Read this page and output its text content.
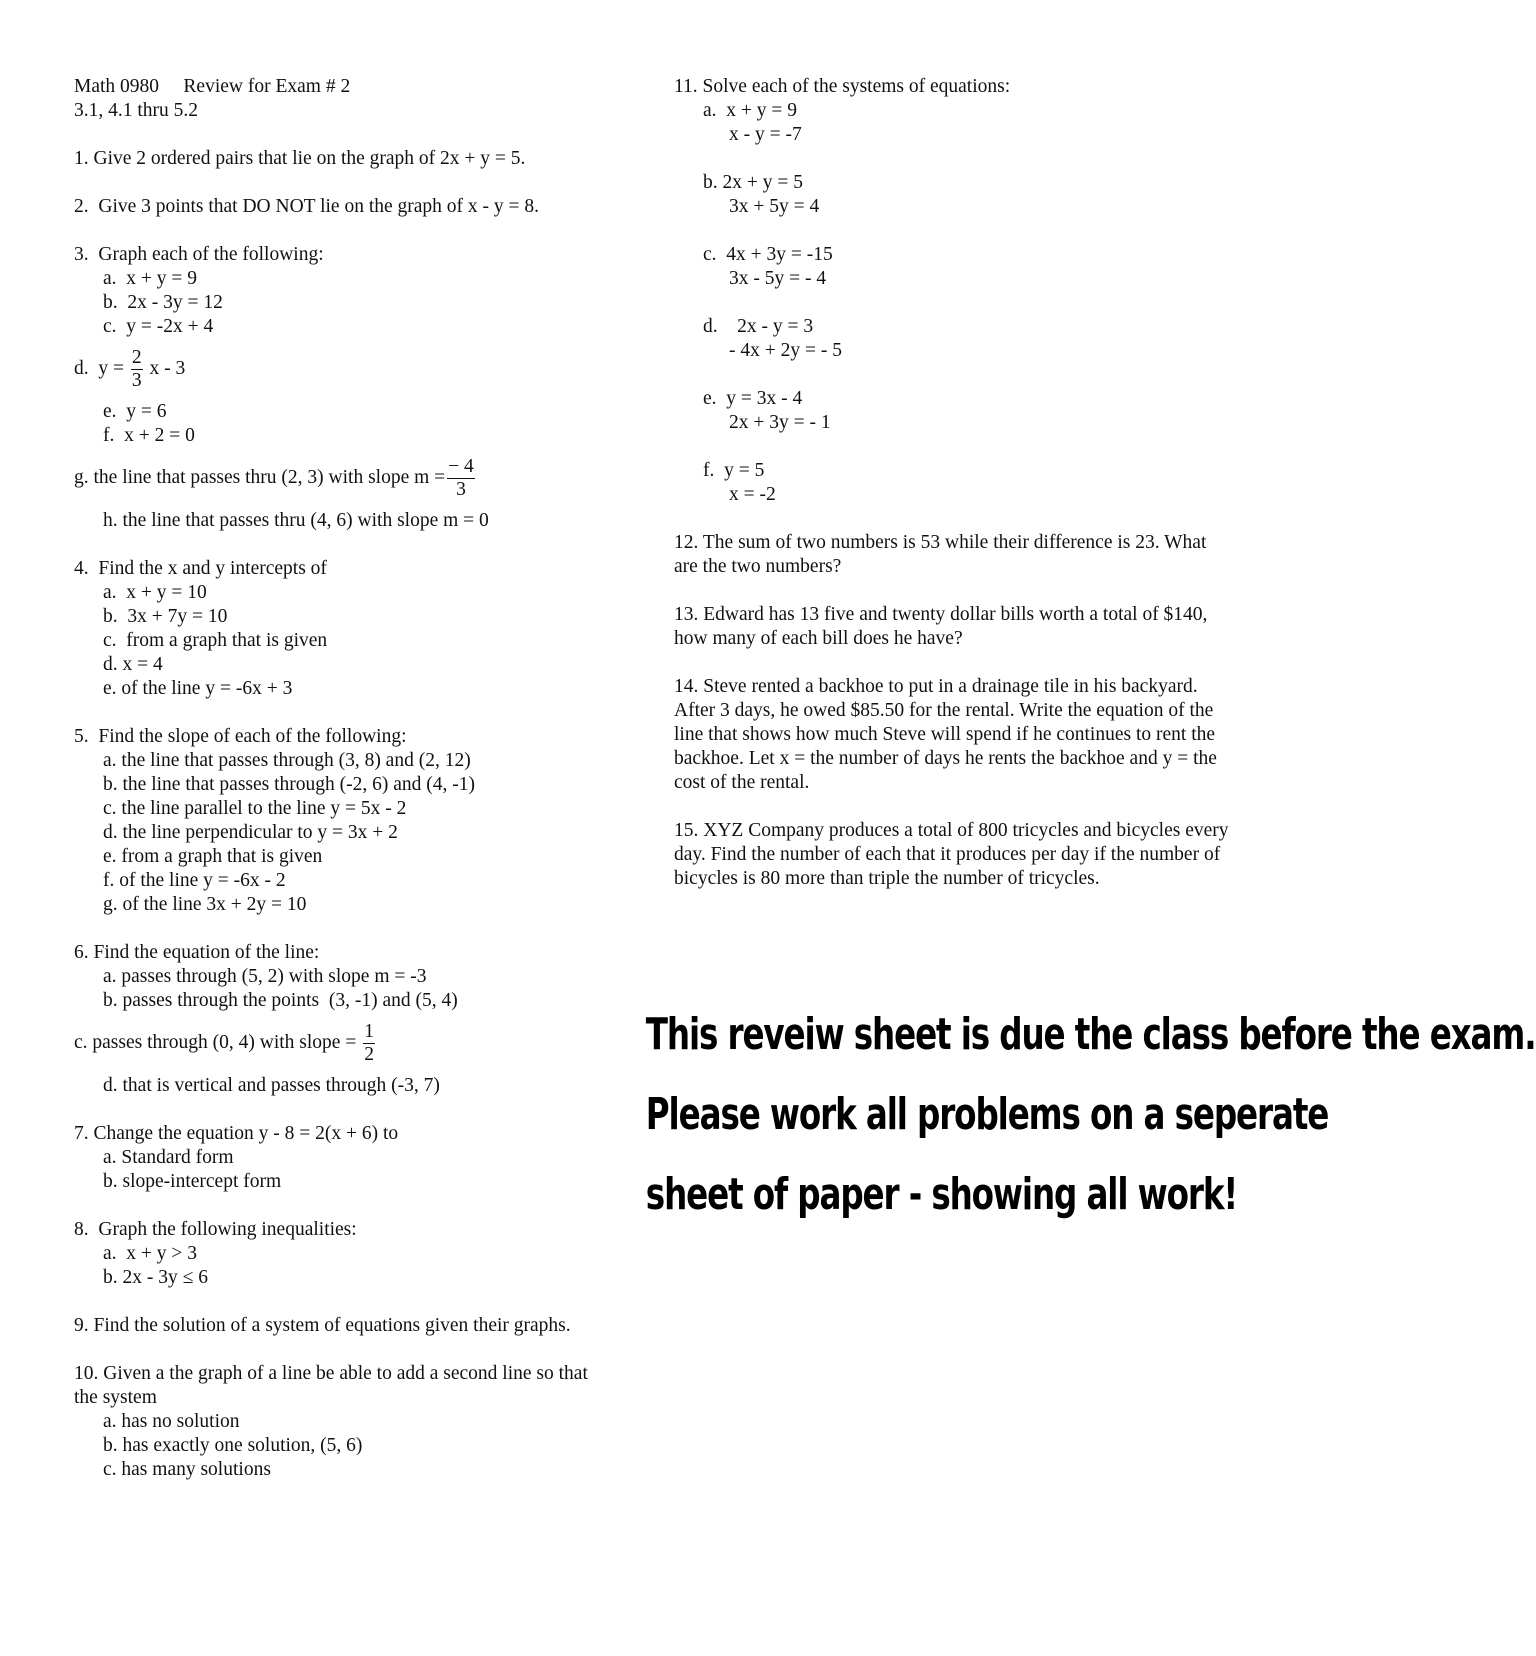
Math 0980     Review for Exam # 2
3.1, 4.1 thru 5.2
1. Give 2 ordered pairs that lie on the graph of 2x + y = 5.
2.  Give 3 points that DO NOT lie on the graph of x - y = 8.
3.  Graph each of the following:
a.  x + y = 9
b.  2x - 3y = 12
c.  y = -2x + 4
d.  $y = \frac{2}{3}$ x - 3
e.  y = 6
f.  x + 2 = 0
g. the line that passes thru (2, 3) with slope $m = \frac{- 4}{3}$
h. the line that passes thru (4, 6) with slope m = 0
4.  Find the x and y intercepts of
a.  x + y = 10
b.  3x + 7y = 10
c.  from a graph that is given
d. x = 4
e. of the line y = -6x + 3
5.  Find the slope of each of the following:
a. the line that passes through (3, 8) and (2, 12)
b. the line that passes through (-2, 6) and (4, -1)
c. the line parallel to the line y = 5x - 2
d. the line perpendicular to y = 3x + 2
e. from a graph that is given
f. of the line y = -6x - 2
g. of the line 3x + 2y = 10
6. Find the equation of the line:
a. passes through (5, 2) with slope m = -3
b. passes through the points  (3, -1) and (5, 4)
c. passes through (0, 4) with slope = $\frac{1}{2}$
d. that is vertical and passes through (-3, 7)
7. Change the equation y - 8 = 2(x + 6) to
a. Standard form
b. slope-intercept form
8.  Graph the following inequalities:
a.  x + y > 3
b. 2x - 3y ≤ 6
9. Find the solution of a system of equations given their graphs.
10. Given a the graph of a line be able to add a second line so that the system
a. has no solution
b. has exactly one solution, (5, 6)
c. has many solutions
11. Solve each of the systems of equations:
a.  x + y = 9
x - y = -7
b. 2x + y = 5
3x + 5y = 4
c.  4x + 3y = -15
3x - 5y = - 4
d.    2x - y = 3
- 4x + 2y = - 5
e.  y = 3x - 4
2x + 3y = - 1
f.  y = 5
x = -2
12. The sum of two numbers is 53 while their difference is 23. What are the two numbers?
13. Edward has 13 five and twenty dollar bills worth a total of $140, how many of each bill does he have?
14. Steve rented a backhoe to put in a drainage tile in his backyard. After 3 days, he owed $85.50 for the rental. Write the equation of the line that shows how much Steve will spend if he continues to rent the backhoe. Let x = the number of days he rents the backhoe and y = the cost of the rental.
15. XYZ Company produces a total of 800 tricycles and bicycles every day. Find the number of each that it produces per day if the number of bicycles is 80 more than triple the number of tricycles.
This reveiw sheet is due the class before the exam.
Please work all problems on a seperate
sheet of paper - showing all work!
